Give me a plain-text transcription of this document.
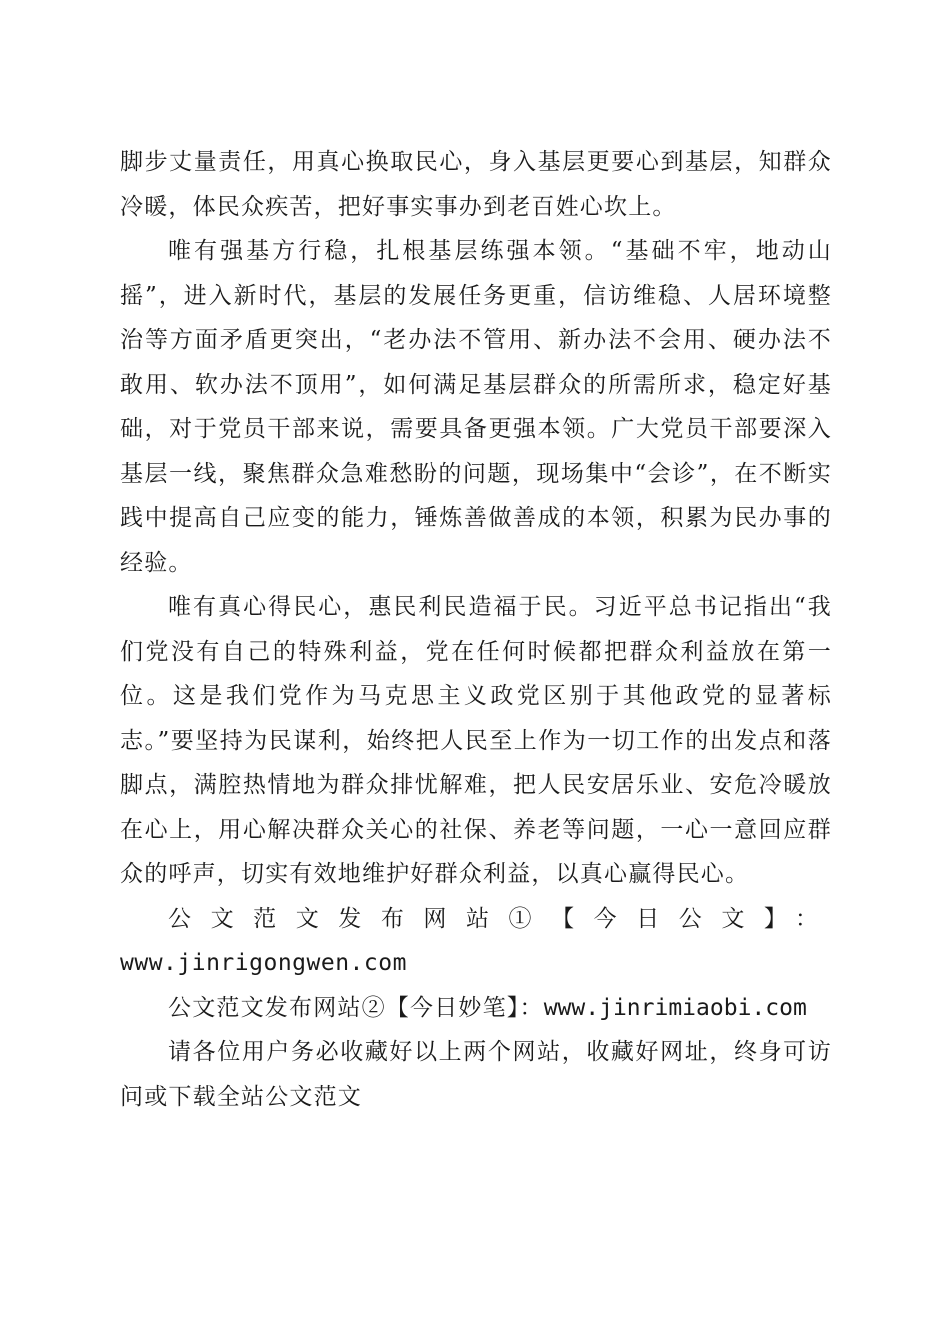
脚步丈量责任，用真心换取民心，身入基层更要心到基层，知群众冷暖，体民众疾苦，把好事实事办到老百姓心坎上。

唯有强基方行稳，扎根基层练强本领。“基础不牢，地动山摇”，进入新时代，基层的发展任务更重，信访维稳、人居环境整治等方面矛盾更突出，“老办法不管用、新办法不会用、硬办法不敢用、软办法不顶用”，如何满足基层群众的所需所求，稳定好基础，对于党员干部来说，需要具备更强本领。广大党员干部要深入基层一线，聚焦群众急难愁盼的问题，现场集中“会诊”，在不断实践中提高自己应变的能力，锤炼善做善成的本领，积累为民办事的经验。

唯有真心得民心，惠民利民造福于民。习近平总书记指出“我们党没有自己的特殊利益，党在任何时候都把群众利益放在第一位。这是我们党作为马克思主义政党区别于其他政党的显著标志。”要坚持为民谋利，始终把人民至上作为一切工作的出发点和落脚点，满腔热情地为群众排忧解难，把人民安居乐业、安危冷暖放在心上，用心解决群众关心的社保、养老等问题，一心一意回应群众的呼声，切实有效地维护好群众利益，以真心赢得民心。

公文范文发布网站①【今日公文】：

www.jinrigongwen.com

公文范文发布网站②【今日妙笔】：www.jinrimiaobi.com

请各位用户务必收藏好以上两个网站，收藏好网址，终身可访问或下载全站公文范文
